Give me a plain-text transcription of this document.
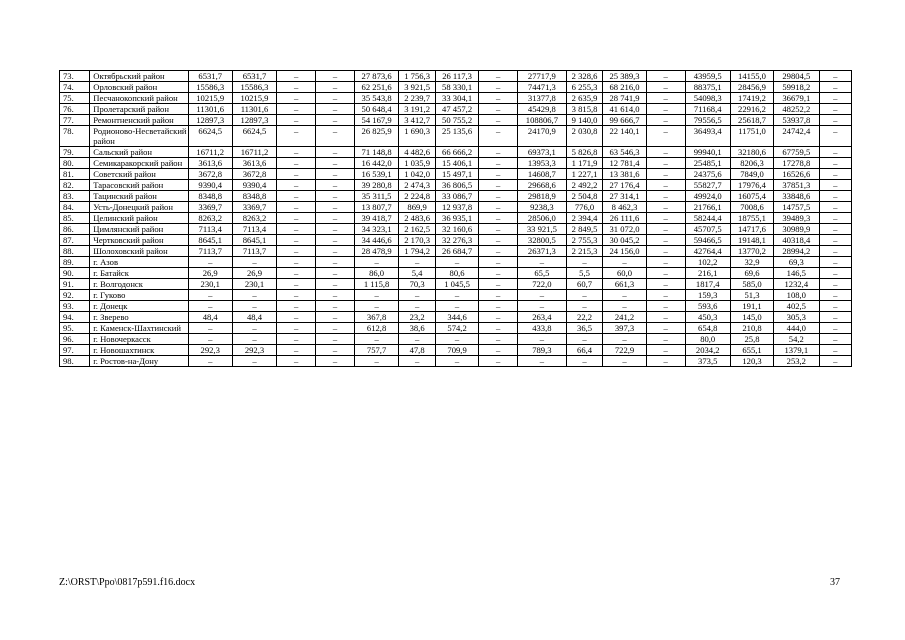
73.	Октябрьский район	6531,7	6531,7	–	–	27 873,6	1 756,3	26 117,3	–	27717,9	2 328,6	25 389,3	–	43959,5	14155,0	29804,5	–
74.	Орловский район	15586,3	15586,3	–	–	62 251,6	3 921,5	58 330,1	–	74471,3	6 255,3	68 216,0	–	88375,1	28456,9	59918,2	–
75.	Песчанокопский район	10215,9	10215,9	–	–	35 543,8	2 239,7	33 304,1	–	31377,8	2 635,9	28 741,9	–	54098,3	17419,2	36679,1	–
76.	Пролетарский район	11301,6	11301,6	–	–	50 648,4	3 191,2	47 457,2	–	45429,8	3 815,8	41 614,0	–	71168,4	22916,2	48252,2	–
77.	Ремонтненский район	12897,3	12897,3	–	–	54 167,9	3 412,7	50 755,2	–	108806,7	9 140,0	99 666,7	–	79556,5	25618,7	53937,8	–
78.	Родионово-Несветайский район	6624,5	6624,5	–	–	26 825,9	1 690,3	25 135,6	–	24170,9	2 030,8	22 140,1	–	36493,4	11751,0	24742,4	–
79.	Сальский район	16711,2	16711,2	–	–	71 148,8	4 482,6	66 666,2	–	69373,1	5 826,8	63 546,3	–	99940,1	32180,6	67759,5	–
80.	Семикаракорский район	3613,6	3613,6	–	–	16 442,0	1 035,9	15 406,1	–	13953,3	1 171,9	12 781,4	–	25485,1	8206,3	17278,8	–
81.	Советский район	3672,8	3672,8	–	–	16 539,1	1 042,0	15 497,1	–	14608,7	1 227,1	13 381,6	–	24375,6	7849,0	16526,6	–
82.	Тарасовский район	9390,4	9390,4	–	–	39 280,8	2 474,3	36 806,5	–	29668,6	2 492,2	27 176,4	–	55827,7	17976,4	37851,3	–
83.	Тацинский район	8348,8	8348,8	–	–	35 311,5	2 224,8	33 086,7	–	29818,9	2 504,8	27 314,1	–	49924,0	16075,4	33848,6	–
84.	Усть-Донецкий район	3369,7	3369,7	–	–	13 807,7	869,9	12 937,8	–	9238,3	776,0	8 462,3	–	21766,1	7008,6	14757,5	–
85.	Целинский район	8263,2	8263,2	–	–	39 418,7	2 483,6	36 935,1	–	28506,0	2 394,4	26 111,6	–	58244,4	18755,1	39489,3	–
86.	Цимлянский район	7113,4	7113,4	–	–	34 323,1	2 162,5	32 160,6	–	33 921,5	2 849,5	31 072,0	–	45707,5	14717,6	30989,9	–
87.	Чертковский район	8645,1	8645,1	–	–	34 446,6	2 170,3	32 276,3	–	32800,5	2 755,3	30 045,2	–	59466,5	19148,1	40318,4	–
88.	Шолоховский район	7113,7	7113,7	–	–	28 478,9	1 794,2	26 684,7	–	26371,3	2 215,3	24 156,0	–	42764,4	13770,2	28994,2	–
89.	г. Азов	–	–	–	–	–	–	–	–	–	–	–	–	102,2	32,9	69,3	–
90.	г. Батайск	26,9	26,9	–	–	86,0	5,4	80,6	–	65,5	5,5	60,0	–	216,1	69,6	146,5	–
91.	г. Волгодонск	230,1	230,1	–	–	1 115,8	70,3	1 045,5	–	722,0	60,7	661,3	–	1817,4	585,0	1232,4	–
92.	г. Гуково	–	–	–	–	–	–	–	–	–	–	–	–	159,3	51,3	108,0	–
93.	г. Донецк	–	–	–	–	–	–	–	–	–	–	–	–	593,6	191,1	402,5	–
94.	г. Зверево	48,4	48,4	–	–	367,8	23,2	344,6	–	263,4	22,2	241,2	–	450,3	145,0	305,3	–
95.	г. Каменск-Шахтинский	–	–	–	–	612,8	38,6	574,2	–	433,8	36,5	397,3	–	654,8	210,8	444,0	–
96.	г. Новочеркасск	–	–	–	–	–	–	–	–	–	–	–	–	80,0	25,8	54,2	–
97.	г. Новошахтинск	292,3	292,3	–	–	757,7	47,8	709,9	–	789,3	66,4	722,9	–	2034,2	655,1	1379,1	–
98.	г. Ростов-на-Дону	–	–	–	–	–	–	–	–	–	–	–	–	373,5	120,3	253,2	–
Z:\ORST\Ppo\0817p591.f16.docx	37
